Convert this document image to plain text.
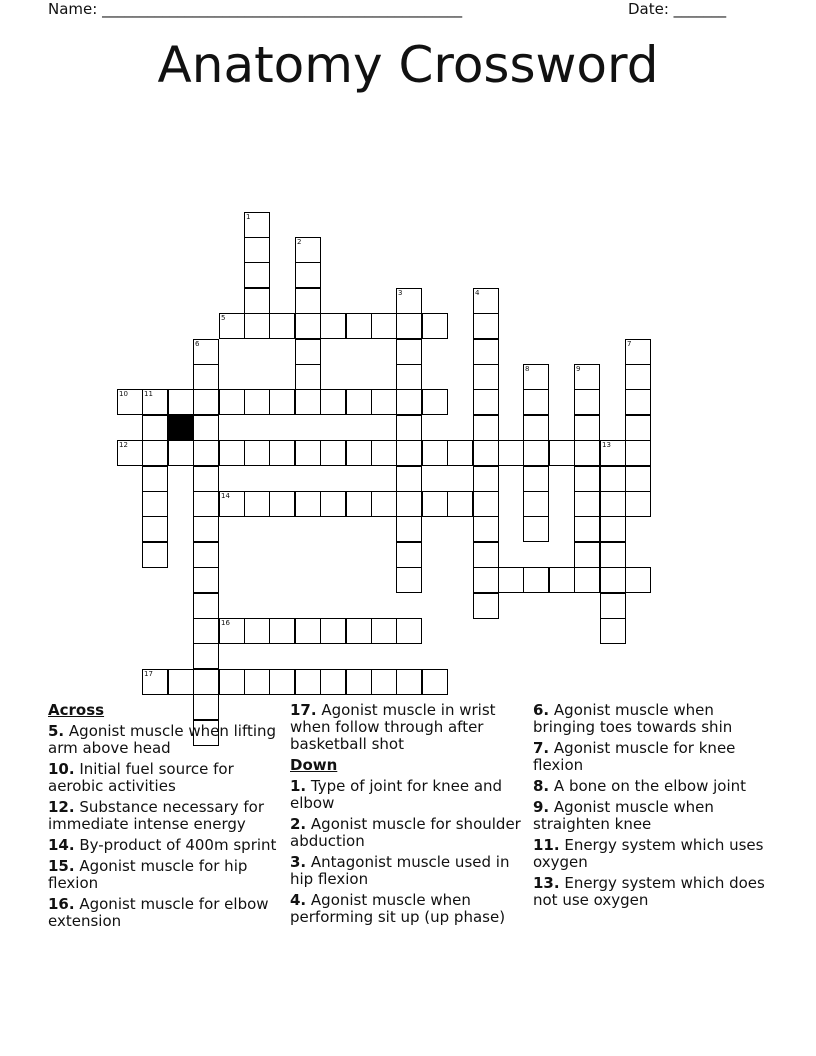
Name: ________________________________________________	Date: _______
Anatomy Crossword
1
2
3	4
5
6	7
8	9
10 11
12	13
14
16
17
Across
5. Agonist muscle when lifting arm above head
10. Initial fuel source for aerobic activities
12. Substance necessary for immediate intense energy
14. By-product of 400m sprint
15. Agonist muscle for hip flexion
16. Agonist muscle for elbow extension
17. Agonist muscle in wrist when follow through after basketball shot
Down
1. Type of joint for knee and elbow
2. Agonist muscle for shoulder abduction
3. Antagonist muscle used in hip flexion
4. Agonist muscle when performing sit up (up phase)
6. Agonist muscle when bringing toes towards shin
7. Agonist muscle for knee flexion
8. A bone on the elbow joint
9. Agonist muscle when straighten knee
11. Energy system which uses oxygen
13. Energy system which does not use oxygen
